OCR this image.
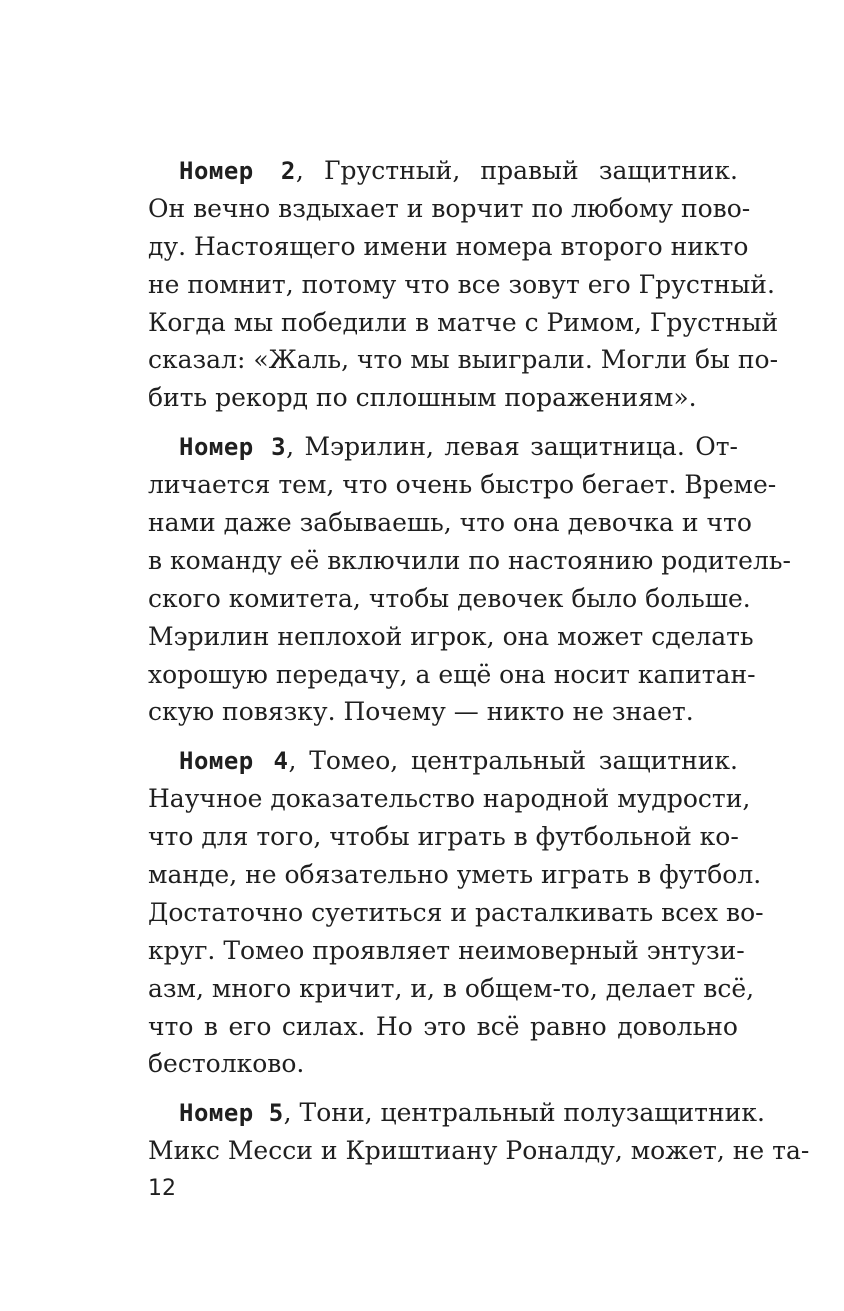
Номер 2, Грустный, правый защитник.
Он вечно вздыхает и ворчит по любому пово-
ду. Настоящего имени номера второго никто
не помнит, потому что все зовут его Грустный.
Когда мы победили в матче с Римом, Грустный
сказал: «Жаль, что мы выиграли. Могли бы по-
бить рекорд по сплошным поражениям».

Номер 3, Мэрилин, левая защитница. От-
личается тем, что очень быстро бегает. Време-
нами даже забываешь, что она девочка и что
в команду её включили по настоянию родитель-
ского комитета, чтобы девочек было больше.
Мэрилин неплохой игрок, она может сделать
хорошую передачу, а ещё она носит капитан-
скую повязку. Почему — никто не знает.

Номер 4, Томео, центральный защитник.
Научное доказательство народной мудрости,
что для того, чтобы играть в футбольной ко-
манде, не обязательно уметь играть в футбол.
Достаточно суетиться и расталкивать всех во-
круг. Томео проявляет неимоверный энтузи-
азм, много кричит, и, в общем-то, делает всё,
что в его силах. Но это всё равно довольно
бестолково.

Номер 5, Тони, центральный полузащитник.
Микс Месси и Криштиану Роналду, может, не та-

12
